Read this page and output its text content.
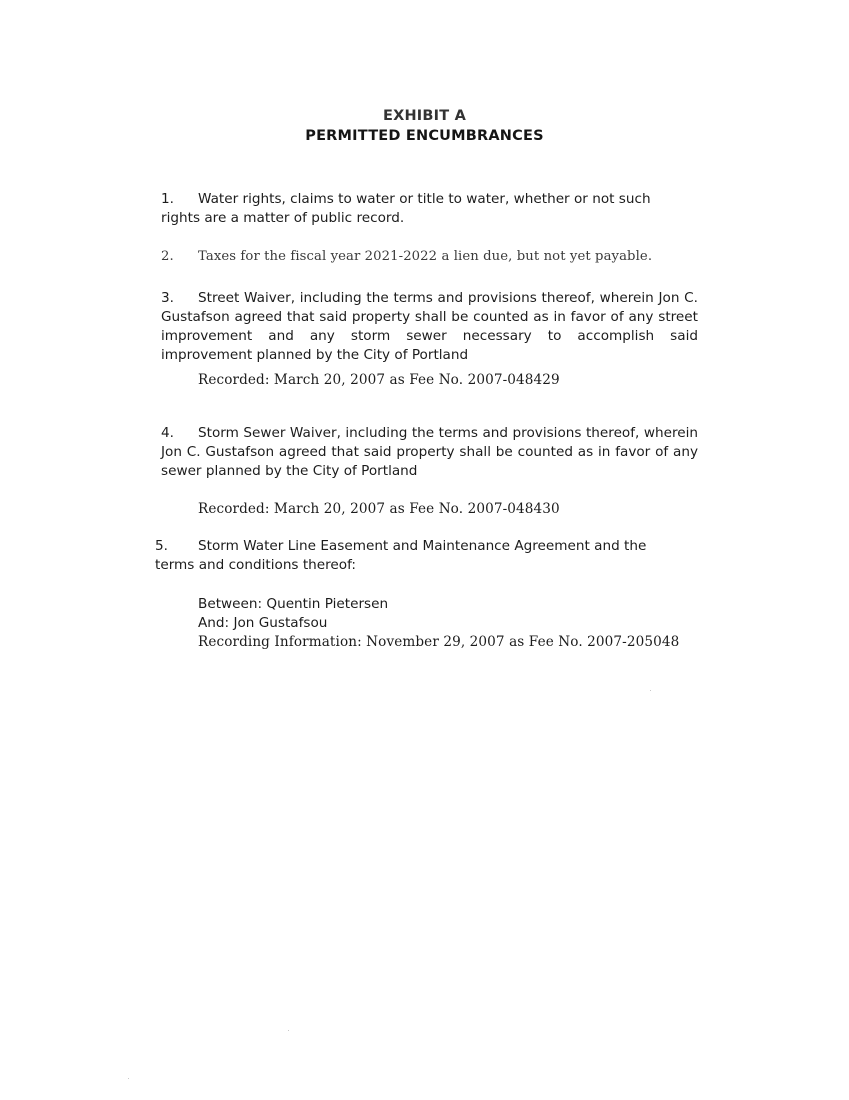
EXHIBIT A
PERMITTED ENCUMBRANCES
1. Water rights, claims to water or title to water, whether or not such rights are a matter of public record.
2. Taxes for the fiscal year 2021-2022 a lien due, but not yet payable.
3. Street Waiver, including the terms and provisions thereof, wherein Jon C. Gustafson agreed that said property shall be counted as in favor of any street improvement and any storm sewer necessary to accomplish said improvement planned by the City of Portland
Recorded: March 20, 2007 as Fee No. 2007-048429
4. Storm Sewer Waiver, including the terms and provisions thereof, wherein Jon C. Gustafson agreed that said property shall be counted as in favor of any sewer planned by the City of Portland
Recorded: March 20, 2007 as Fee No. 2007-048430
5. Storm Water Line Easement and Maintenance Agreement and the terms and conditions thereof:
Between: Quentin Pietersen
And: Jon Gustafsou
Recording Information: November 29, 2007 as Fee No. 2007-205048
